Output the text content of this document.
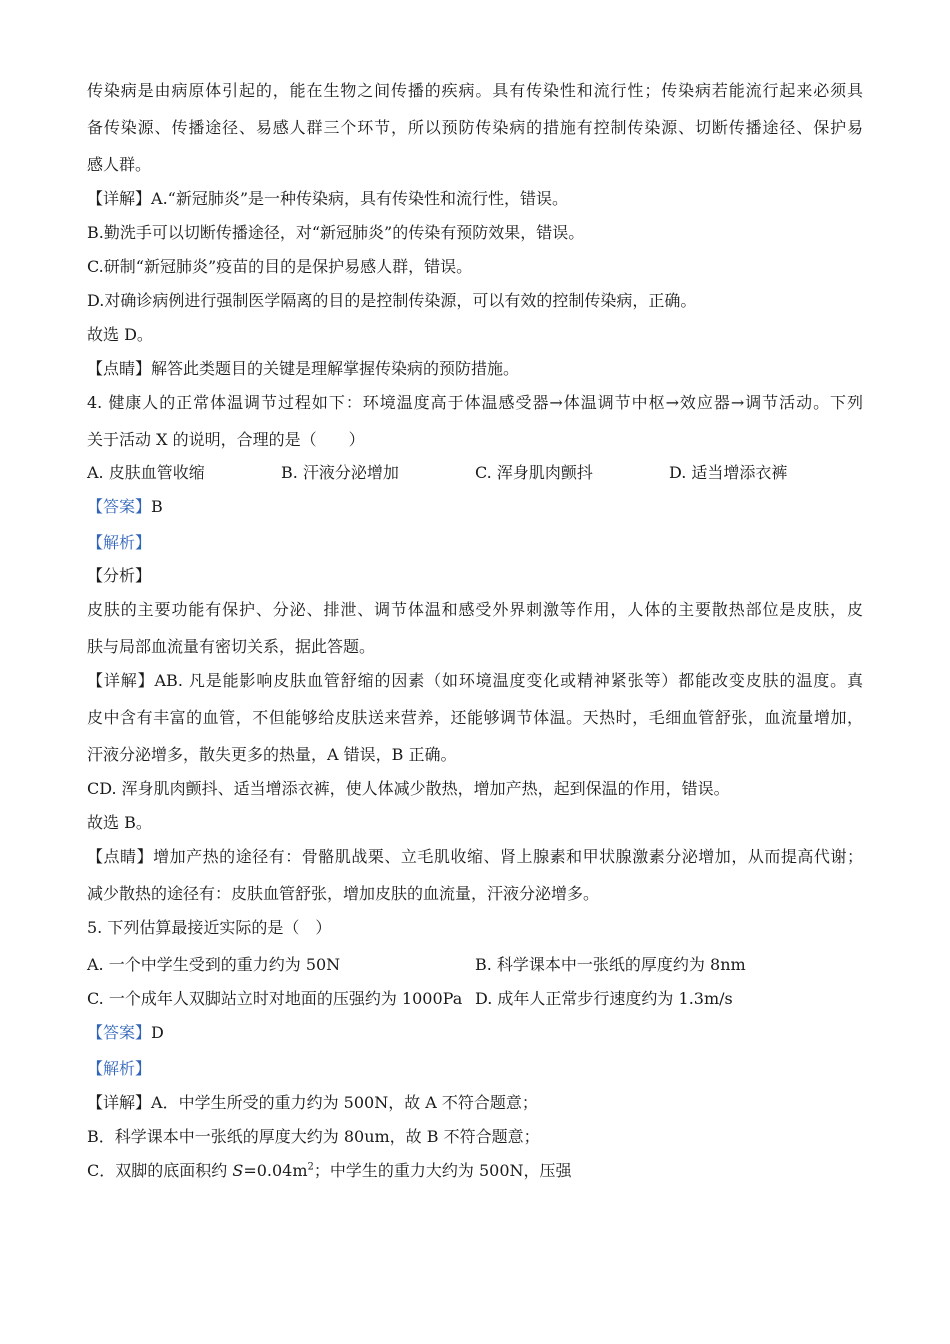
传染病是由病原体引起的，能在生物之间传播的疾病。具有传染性和流行性；传染病若能流行起来必须具
备传染源、传播途径、易感人群三个环节，所以预防传染病的措施有控制传染源、切断传播途径、保护易
感人群。
【详解】A.“新冠肺炎”是一种传染病，具有传染性和流行性，错误。
B.勤洗手可以切断传播途径，对“新冠肺炎”的传染有预防效果，错误。
C.研制“新冠肺炎”疫苗的目的是保护易感人群，错误。
D.对确诊病例进行强制医学隔离的目的是控制传染源，可以有效的控制传染病，正确。
故选 D。
【点睛】解答此类题目的关键是理解掌握传染病的预防措施。
4. 健康人的正常体温调节过程如下：环境温度高于体温感受器→体温调节中枢→效应器→调节活动。下列
关于活动 X 的说明，合理的是（　　）
A. 皮肤血管收缩	B. 汗液分泌增加	C. 浑身肌肉颤抖	D. 适当增添衣裤
【答案】B
【解析】
【分析】
皮肤的主要功能有保护、分泌、排泄、调节体温和感受外界刺激等作用，人体的主要散热部位是皮肤，皮
肤与局部血流量有密切关系，据此答题。
【详解】AB. 凡是能影响皮肤血管舒缩的因素（如环境温度变化或精神紧张等）都能改变皮肤的温度。真
皮中含有丰富的血管，不但能够给皮肤送来营养，还能够调节体温。天热时，毛细血管舒张，血流量增加，
汗液分泌增多，散失更多的热量，A 错误，B 正确。
CD. 浑身肌肉颤抖、适当增添衣裤，使人体减少散热，增加产热，起到保温的作用，错误。
故选 B。
【点睛】增加产热的途径有：骨骼肌战栗、立毛肌收缩、肾上腺素和甲状腺激素分泌增加，从而提高代谢；
减少散热的途径有：皮肤血管舒张，增加皮肤的血流量，汗液分泌增多。
5. 下列估算最接近实际的是（　）
A. 一个中学生受到的重力约为 50N	B. 科学课本中一张纸的厚度约为 8nm
C. 一个成年人双脚站立时对地面的压强约为 1000Pa D. 成年人正常步行速度约为 1.3m/s
【答案】D
【解析】
【详解】A．中学生所受的重力约为 500N，故 A 不符合题意；
B．科学课本中一张纸的厚度大约为 80um，故 B 不符合题意；
C．双脚的底面积约 $S=0.04m^2$；中学生的重力大约为 500N，压强
